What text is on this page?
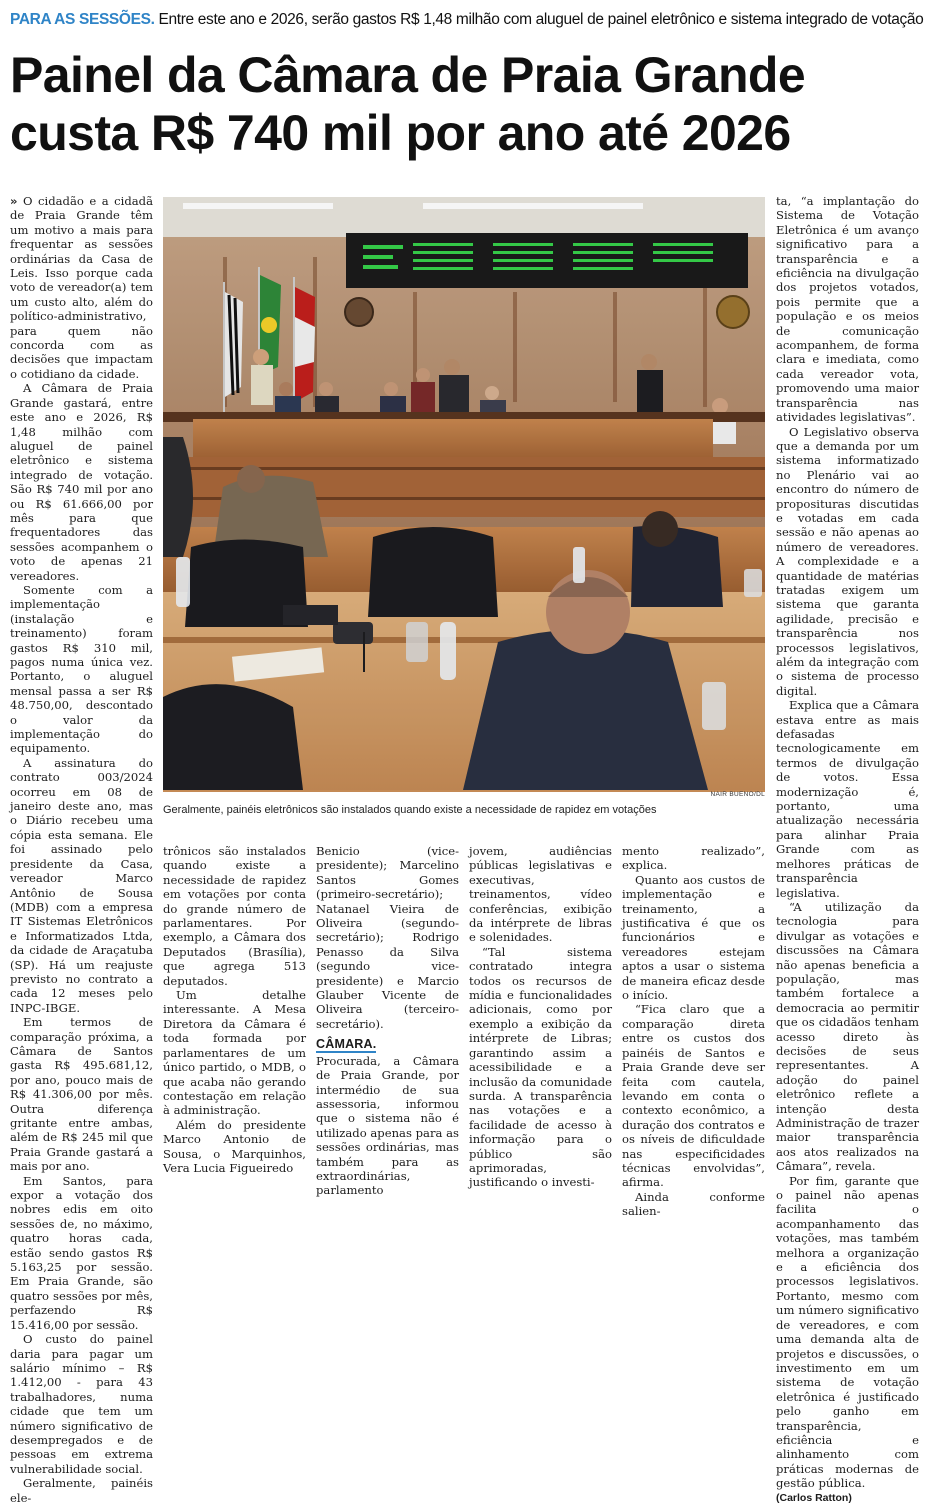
PARA AS SESSÕES. Entre este ano e 2026, serão gastos R$ 1,48 milhão com aluguel de painel eletrônico e sistema integrado de votação
Painel da Câmara de Praia Grande
custa R$ 740 mil por ano até 2026

» O cidadão e a cidadã de Praia Grande têm um motivo a mais para frequentar as sessões ordinárias da Casa de Leis. Isso porque cada voto de vereador(a) tem um custo alto, além do político-administrativo, para quem não concorda com as decisões que impactam o cotidiano da cidade.

A Câmara de Praia Grande gastará, entre este ano e 2026, R$ 1,48 milhão com aluguel de painel eletrônico e sistema integrado de votação. São R$ 740 mil por ano ou R$ 61.666,00 por mês para que frequentadores das sessões acompanhem o voto de apenas 21 vereadores.

Somente com a implementação (instalação e treinamento) foram gastos R$ 310 mil, pagos numa única vez. Portanto, o aluguel mensal passa a ser R$ 48.750,00, descontado o valor da implementação do equipamento.

A assinatura do contrato 003/2024 ocorreu em 08 de janeiro deste ano, mas o Diário recebeu uma cópia esta semana. Ele foi assinado pelo presidente da Casa, vereador Marco Antônio de Sousa (MDB) com a empresa IT Sistemas Eletrônicos e Informatizados Ltda, da cidade de Araçatuba (SP). Há um reajuste previsto no contrato a cada 12 meses pelo INPC-IBGE.

Em termos de comparação próxima, a Câmara de Santos gasta R$ 495.681,12, por ano, pouco mais de R$ 41.306,00 por mês. Outra diferença gritante entre ambas, além de R$ 245 mil que Praia Grande gastará a mais por ano.

Em Santos, para expor a votação dos nobres edis em oito sessões de, no máximo, quatro horas cada, estão sendo gastos R$ 5.163,25 por sessão. Em Praia Grande, são quatro sessões por mês, perfazendo R$ 15.416,00 por sessão.

O custo do painel daria para pagar um salário mínimo – R$ 1.412,00 - para 43 trabalhadores, numa cidade que tem um número significativo de desempregados e de pessoas em extrema vulnerabilidade social.

Geralmente, painéis ele-

NAIR BUENO/DL
Geralmente, painéis eletrônicos são instalados quando existe a necessidade de rapidez em votações

trônicos são instalados quando existe a necessidade de rapidez em votações por conta do grande número de parlamentares. Por exemplo, a Câmara dos Deputados (Brasília), que agrega 513 deputados.

Um detalhe interessante. A Mesa Diretora da Câmara é toda formada por parlamentares de um único partido, o MDB, o que acaba não gerando contestação em relação à administração.

Além do presidente Marco Antonio de Sousa, o Marquinhos, Vera Lucia Figueiredo

Benicio (vice-presidente); Marcelino Santos Gomes (primeiro-secretário); Natanael Vieira de Oliveira (segundo-secretário); Rodrigo Penasso da Silva (segundo vice-presidente) e Marcio Glauber Vicente de Oliveira (terceiro-secretário).

CÂMARA.

Procurada, a Câmara de Praia Grande, por intermédio de sua assessoria, informou que o sistema não é utilizado apenas para as sessões ordinárias, mas também para as extraordinárias, parlamento

jovem, audiências públicas legislativas e executivas, treinamentos, vídeo conferências, exibição da intérprete de libras e solenidades.

“Tal sistema contratado integra todos os recursos de mídia e funcionalidades adicionais, como por exemplo a exibição da intérprete de Libras; garantindo assim a acessibilidade e a inclusão da comunidade surda. A transparência nas votações e a facilidade de acesso à informação para o público são aprimoradas, justificando o investi-

mento realizado”, explica.

Quanto aos custos de implementação e treinamento, a justificativa é que os funcionários e vereadores estejam aptos a usar o sistema de maneira eficaz desde o início.

“Fica claro que a comparação direta entre os custos dos painéis de Santos e Praia Grande deve ser feita com cautela, levando em conta o contexto econômico, a duração dos contratos e os níveis de dificuldade nas especificidades técnicas envolvidas”, afirma.

Ainda conforme salien-

ta, “a implantação do Sistema de Votação Eletrônica é um avanço significativo para a transparência e a eficiência na divulgação dos projetos votados, pois permite que a população e os meios de comunicação acompanhem, de forma clara e imediata, como cada vereador vota, promovendo uma maior transparência nas atividades legislativas”.

O Legislativo observa que a demanda por um sistema informatizado no Plenário vai ao encontro do número de proposituras discutidas e votadas em cada sessão e não apenas ao número de vereadores. A complexidade e a quantidade de matérias tratadas exigem um sistema que garanta agilidade, precisão e transparência nos processos legislativos, além da integração com o sistema de processo digital.

Explica que a Câmara estava entre as mais defasadas tecnologicamente em termos de divulgação de votos. Essa modernização é, portanto, uma atualização necessária para alinhar Praia Grande com as melhores práticas de transparência legislativa.

“A utilização da tecnologia para divulgar as votações e discussões na Câmara não apenas beneficia a população, mas também fortalece a democracia ao permitir que os cidadãos tenham acesso direto às decisões de seus representantes. A adoção do painel eletrônico reflete a intenção desta Administração de trazer maior transparência aos atos realizados na Câmara”, revela.

Por fim, garante que o painel não apenas facilita o acompanhamento das votações, mas também melhora a organização e a eficiência dos processos legislativos. Portanto, mesmo com um número significativo de vereadores, e com uma demanda alta de projetos e discussões, o investimento em um sistema de votação eletrônica é justificado pelo ganho em transparência, eficiência e alinhamento com práticas modernas de gestão pública.

(Carlos Ratton)
